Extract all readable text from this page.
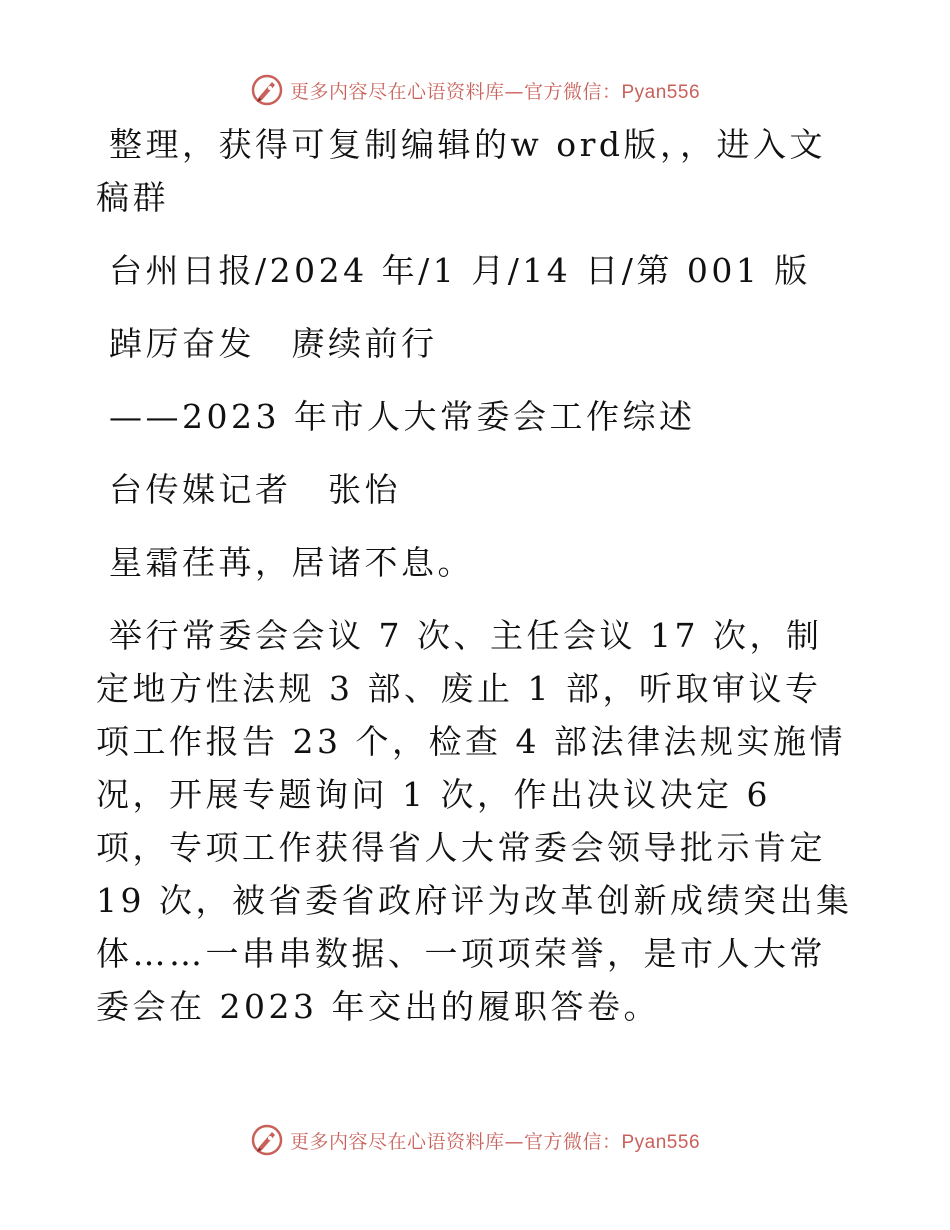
更多内容尽在心语资料库—官方微信：Pyan556

整理，获得可复制编辑的w ord版，，进入文稿群

台州日报/2024 年/1 月/14 日/第 001 版

踔厉奋发　赓续前行

——2023 年市人大常委会工作综述

台传媒记者　张怡

星霜荏苒，居诸不息。

举行常委会会议 7 次、主任会议 17 次，制定地方性法规 3 部、废止 1 部，听取审议专项工作报告 23 个，检查 4 部法律法规实施情况，开展专题询问 1 次，作出决议决定 6 项，专项工作获得省人大常委会领导批示肯定 19 次，被省委省政府评为改革创新成绩突出集体……一串串数据、一项项荣誉，是市人大常委会在 2023 年交出的履职答卷。

更多内容尽在心语资料库—官方微信：Pyan556
